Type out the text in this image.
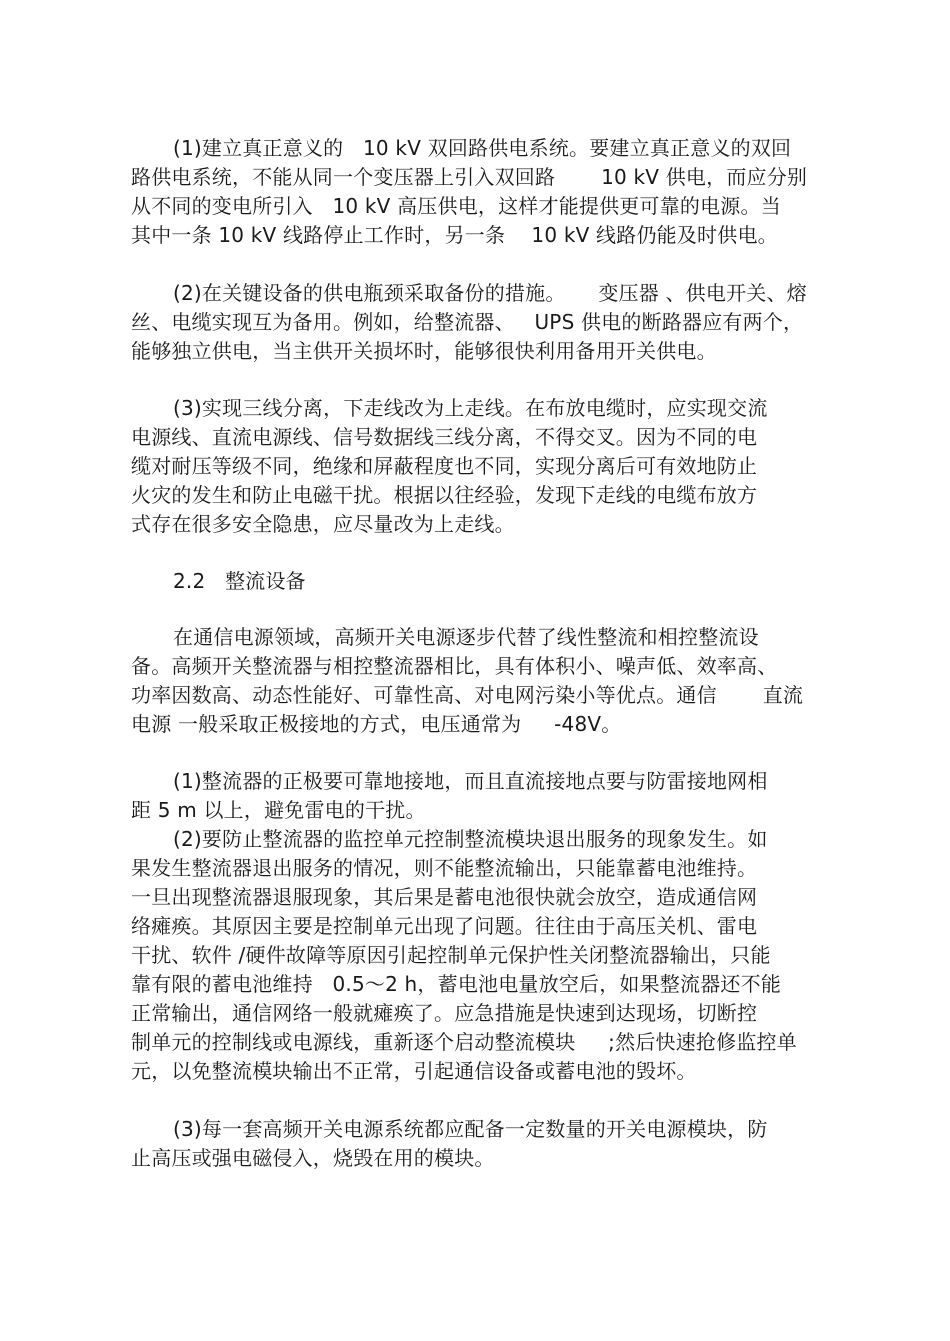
(1)建立真正意义的   10 kV 双回路供电系统。要建立真正意义的双回
路供电系统，不能从同一个变压器上引入双回路       10 kV 供电，而应分别
从不同的变电所引入   10 kV 高压供电，这样才能提供更可靠的电源。当
其中一条 10 kV 线路停止工作时，另一条    10 kV 线路仍能及时供电。
(2)在关键设备的供电瓶颈采取备份的措施。     变压器 、供电开关、熔
丝、电缆实现互为备用。例如，给整流器、   UPS 供电的断路器应有两个，
能够独立供电，当主供开关损坏时，能够很快利用备用开关供电。
(3)实现三线分离，下走线改为上走线。在布放电缆时，应实现交流
电源线、直流电源线、信号数据线三线分离，不得交叉。因为不同的电
缆对耐压等级不同，绝缘和屏蔽程度也不同，实现分离后可有效地防止
火灾的发生和防止电磁干扰。根据以往经验，发现下走线的电缆布放方
式存在很多安全隐患，应尽量改为上走线。
2.2   整流设备
在通信电源领域，高频开关电源逐步代替了线性整流和相控整流设
备。高频开关整流器与相控整流器相比，具有体积小、噪声低、效率高、
功率因数高、动态性能好、可靠性高、对电网污染小等优点。通信       直流
电源 一般采取正极接地的方式，电压通常为     -48V。
(1)整流器的正极要可靠地接地，而且直流接地点要与防雷接地网相
距 5 m 以上，避免雷电的干扰。
(2)要防止整流器的监控单元控制整流模块退出服务的现象发生。如
果发生整流器退出服务的情况，则不能整流输出，只能靠蓄电池维持。
一旦出现整流器退服现象，其后果是蓄电池很快就会放空，造成通信网
络瘫痪。其原因主要是控制单元出现了问题。往往由于高压关机、雷电
干扰、软件 /硬件故障等原因引起控制单元保护性关闭整流器输出，只能
靠有限的蓄电池维持   0.5～2 h，蓄电池电量放空后，如果整流器还不能
正常输出，通信网络一般就瘫痪了。应急措施是快速到达现场，切断控
制单元的控制线或电源线，重新逐个启动整流模块     ;然后快速抢修监控单
元，以免整流模块输出不正常，引起通信设备或蓄电池的毁坏。
(3)每一套高频开关电源系统都应配备一定数量的开关电源模块，防
止高压或强电磁侵入，烧毁在用的模块。
